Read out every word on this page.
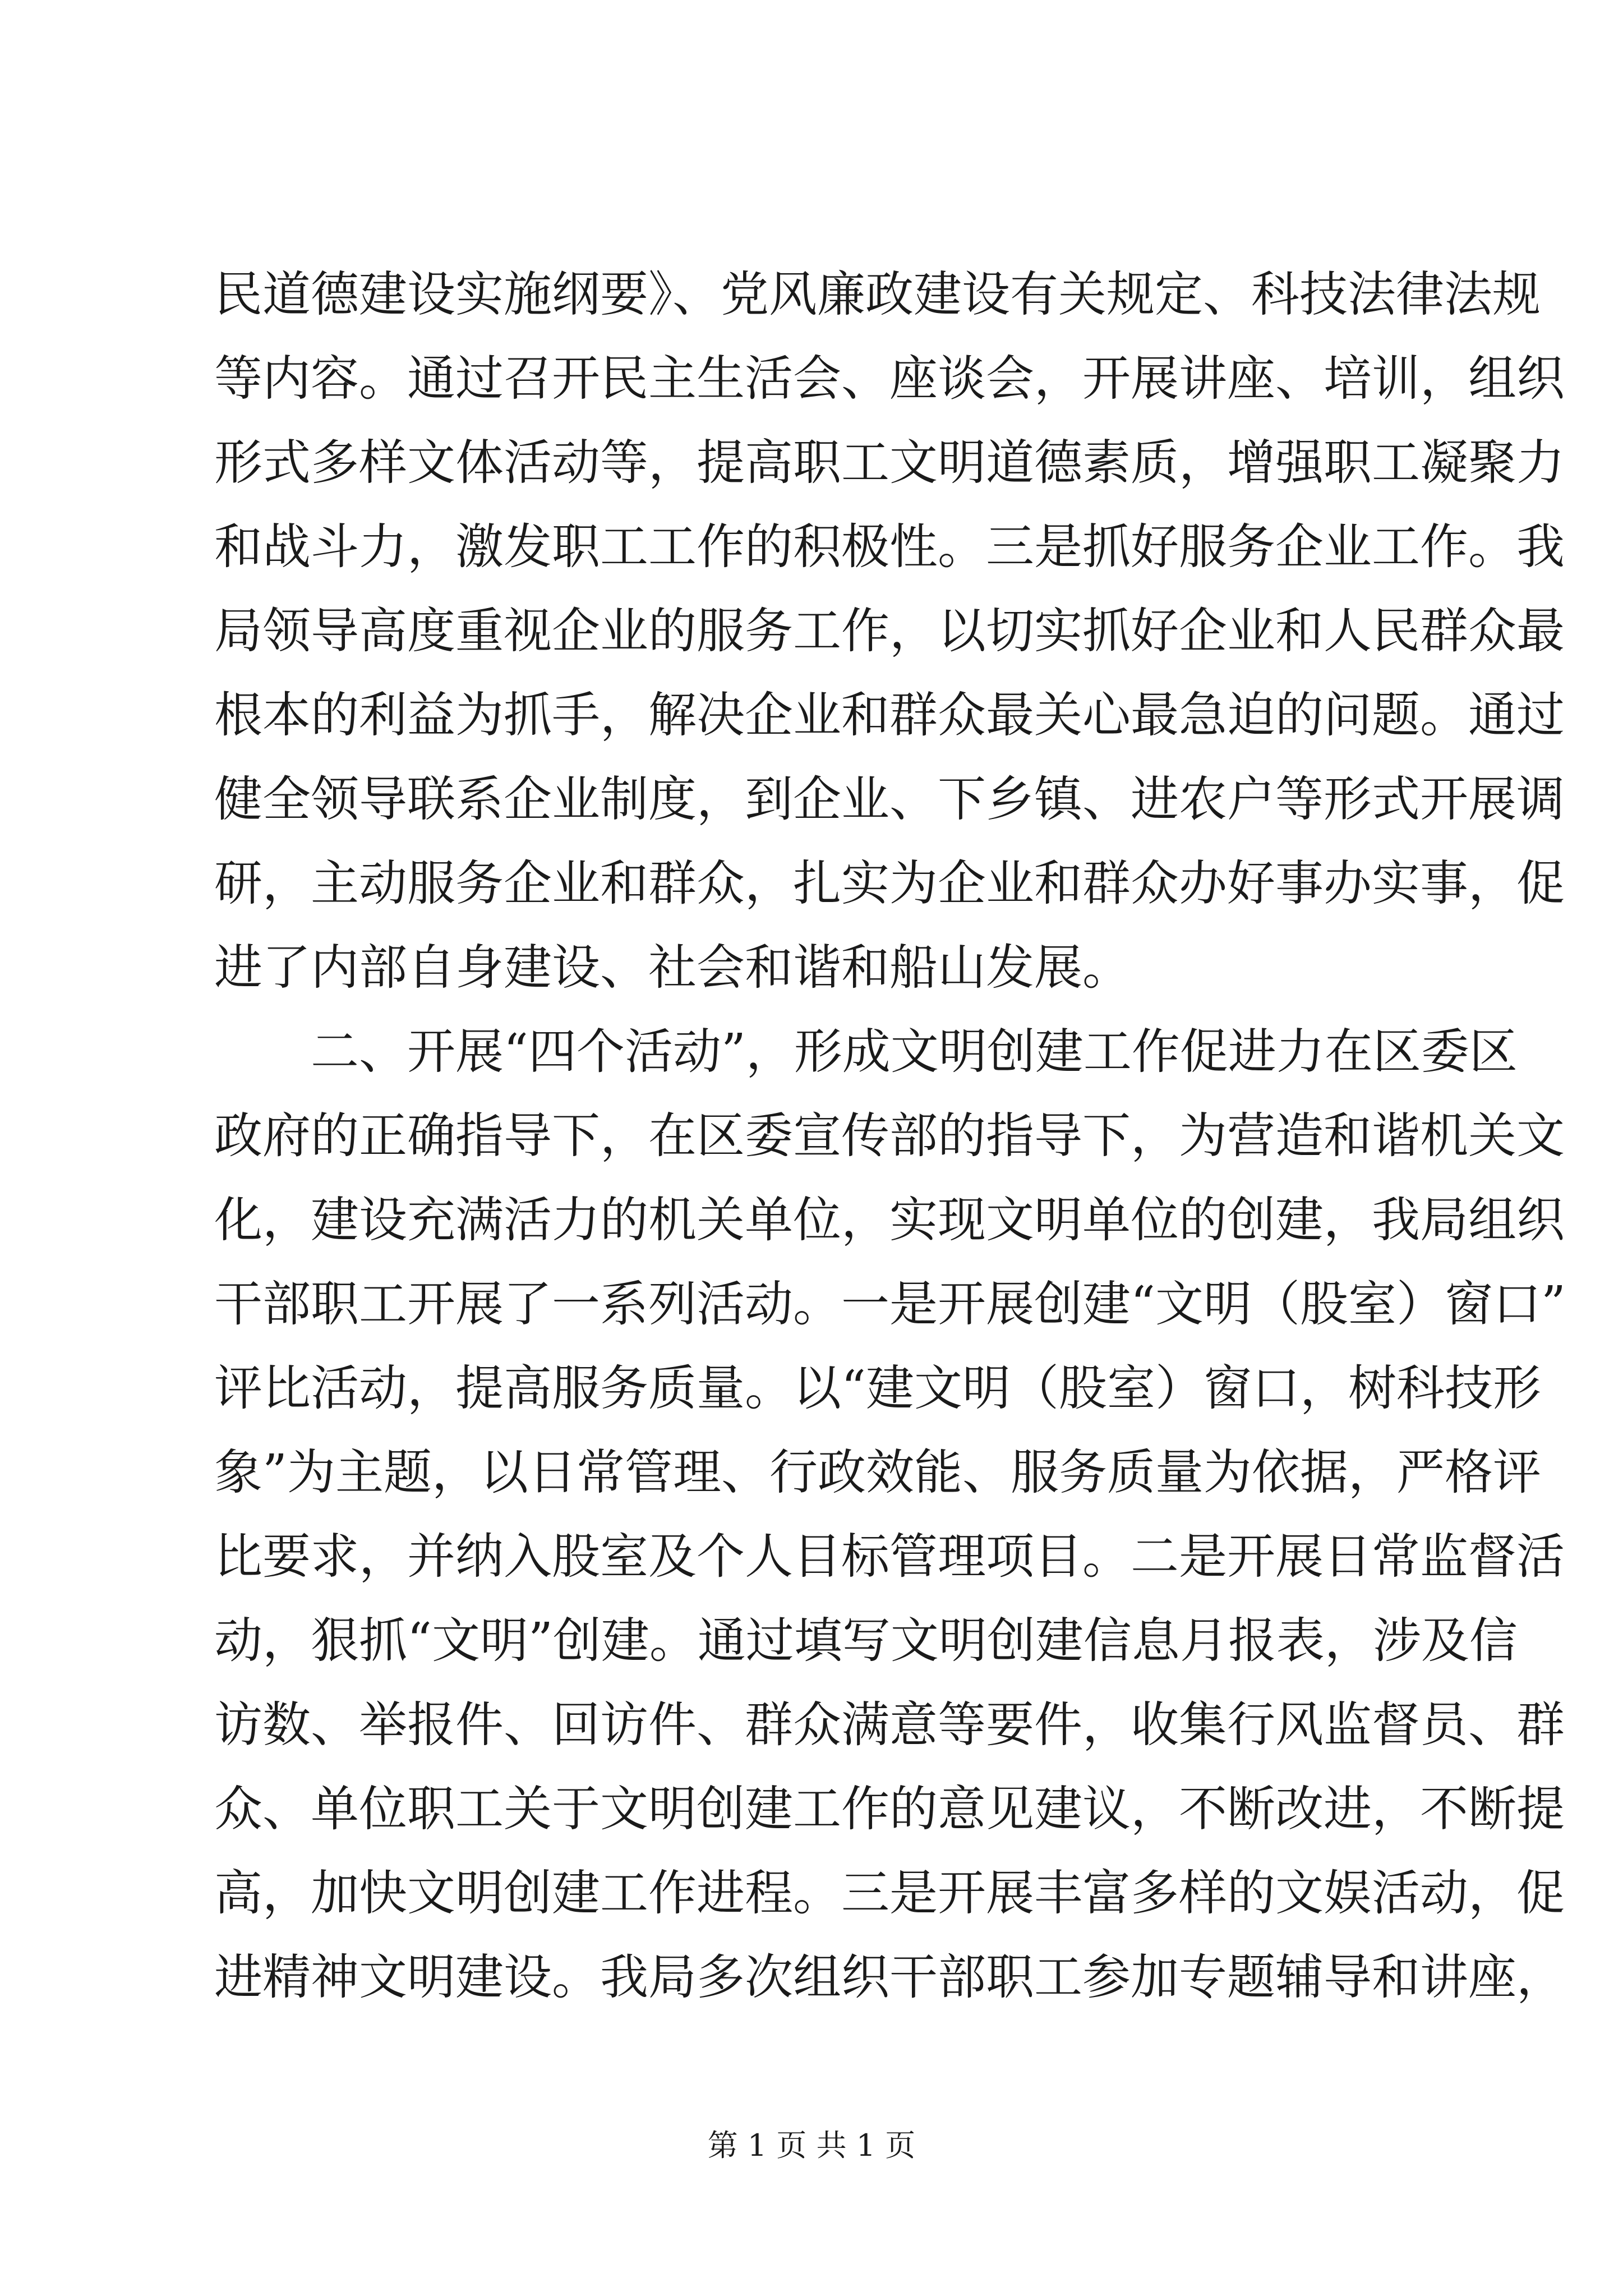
民道德建设实施纲要》、党风廉政建设有关规定、科技法律法规
等内容。通过召开民主生活会、座谈会，开展讲座、培训，组织
形式多样文体活动等，提高职工文明道德素质，增强职工凝聚力
和战斗力，激发职工工作的积极性。三是抓好服务企业工作。我
局领导高度重视企业的服务工作，以切实抓好企业和人民群众最
根本的利益为抓手，解决企业和群众最关心最急迫的问题。通过
健全领导联系企业制度，到企业、下乡镇、进农户等形式开展调
研，主动服务企业和群众，扎实为企业和群众办好事办实事，促
进了内部自身建设、社会和谐和船山发展。
二、开展“四个活动”，形成文明创建工作促进力在区委区
政府的正确指导下，在区委宣传部的指导下，为营造和谐机关文
化，建设充满活力的机关单位，实现文明单位的创建，我局组织
干部职工开展了一系列活动。一是开展创建“文明（股室）窗口”
评比活动，提高服务质量。以“建文明（股室）窗口，树科技形
象”为主题，以日常管理、行政效能、服务质量为依据，严格评
比要求，并纳入股室及个人目标管理项目。二是开展日常监督活
动，狠抓“文明”创建。通过填写文明创建信息月报表，涉及信
访数、举报件、回访件、群众满意等要件，收集行风监督员、群
众、单位职工关于文明创建工作的意见建议，不断改进，不断提
高，加快文明创建工作进程。三是开展丰富多样的文娱活动，促
进精神文明建设。我局多次组织干部职工参加专题辅导和讲座，
第 1 页 共 1 页
